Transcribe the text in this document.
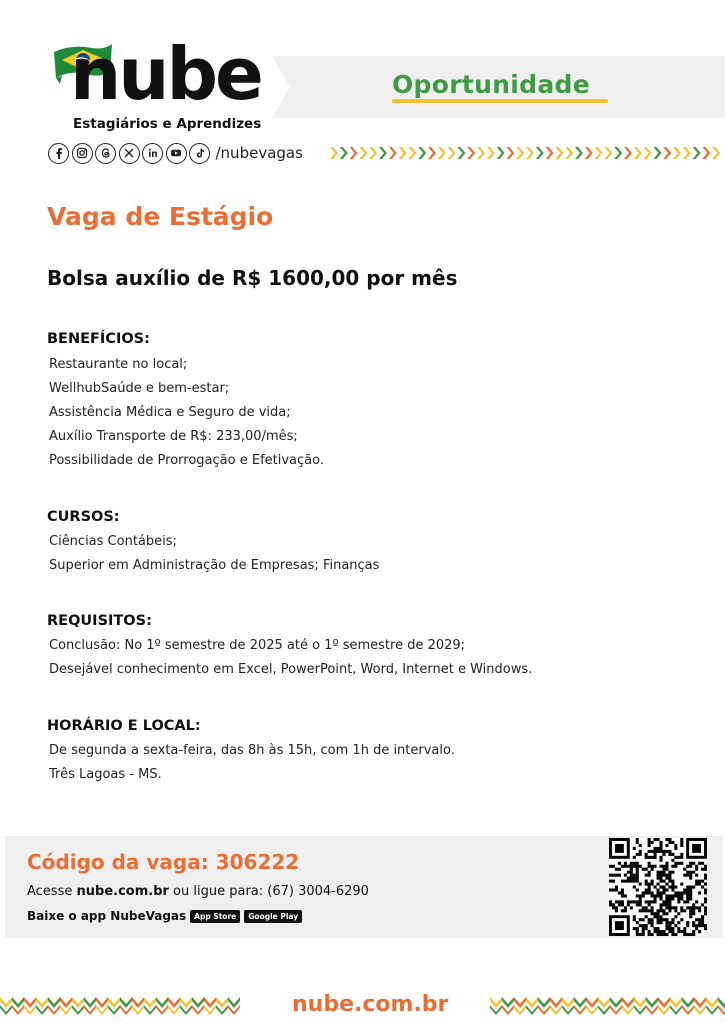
nube
Estagiários e Aprendizes
Oportunidade
/nubevagas
Vaga de Estágio
Bolsa auxílio de R$ 1600,00 por mês
BENEFÍCIOS:
Restaurante no local;
WellhubSaúde e bem-estar;
Assistência Médica e Seguro de vida;
Auxílio Transporte de R$: 233,00/mês;
Possibilidade de Prorrogação e Efetivação.
CURSOS:
Ciências Contábeis;
Superior em Administração de Empresas; Finanças
REQUISITOS:
Conclusão: No 1º semestre de 2025 até o 1º semestre de 2029;
Desejável conhecimento em Excel, PowerPoint, Word, Internet e Windows.
HORÁRIO E LOCAL:
De segunda a sexta-feira, das 8h às 15h, com 1h de intervalo.
Três Lagoas - MS.
Código da vaga: 306222
Acesse nube.com.br ou ligue para: (67) 3004-6290
Baixe o app NubeVagas	App Store	Google Play
nube.com.br
